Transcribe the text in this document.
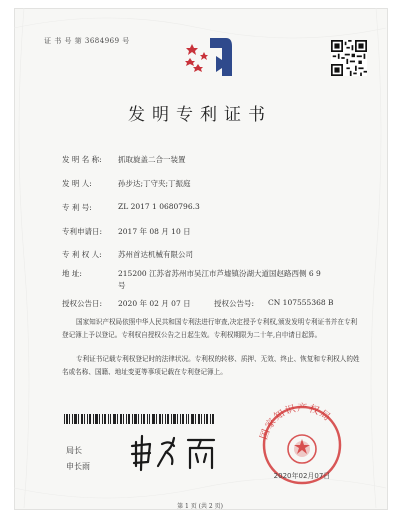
证 书 号 第 3684969 号
发明专利证书
发 明 名 称: 抓取旋盖二合一装置
发 明 人:	孙步达;丁守夹;丁振庭
专 利 号:	ZL 2017 1 0680796.3
专利申请日: 2017 年 08 月 10 日
专 利 权 人: 苏州首达机械有限公司
地 址:	215200 江苏省苏州市吴江市芦墟镇汾湖大道国赵路西侧 6 9 号
授权公告日: 2020 年 02 月 07 日	授权公告号: CN 107555368 B
国家知识产权局依照中华人民共和国专利法进行审查,决定授予专利权,颁发发明专利证书并在专利登记簿上予以登记。专利权自授权公告之日起生效。专利权期限为二十年,自申请日起算。
专利证书记载专利权登记时的法律状况。专利权的转移、质押、无效、终止、恢复和专利权人的姓名或名称、国籍、地址变更等事项记载在专利登记簿上。
局长
申长雨
国家知识产权局
2020年02月07日
第 1 页 (共 2 页)
